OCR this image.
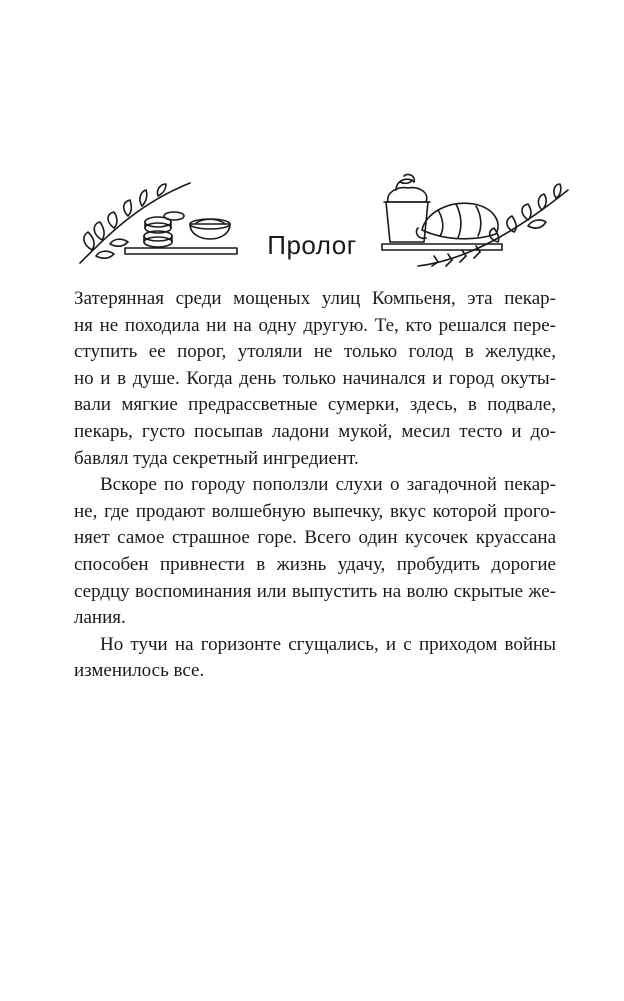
Пролог

Затерянная среди мощеных улиц Компьеня, эта пекар-
ня не походила ни на одну другую. Те, кто решался пере-
ступить ее порог, утоляли не только голод в желудке,
но и в душе. Когда день только начинался и город окуты-
вали мягкие предрассветные сумерки, здесь, в подвале,
пекарь, густо посыпав ладони мукой, месил тесто и до-
бавлял туда секретный ингредиент.

Вскоре по городу поползли слухи о загадочной пекар-
не, где продают волшебную выпечку, вкус которой прого-
няет самое страшное горе. Всего один кусочек круассана
способен привнести в жизнь удачу, пробудить дорогие
сердцу воспоминания или выпустить на волю скрытые же-
лания.

Но тучи на горизонте сгущались, и с приходом войны
изменилось все.
